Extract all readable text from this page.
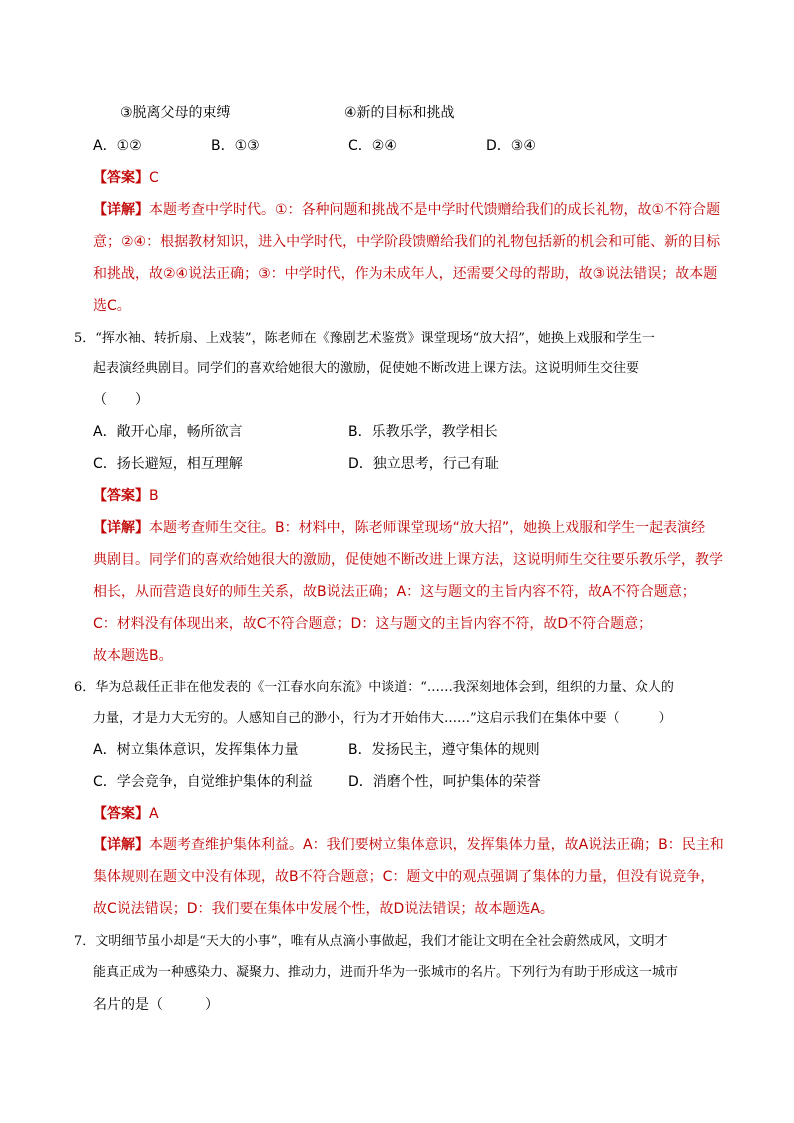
③脱离父母的束缚	④新的目标和挑战
A．①②	B．①③	C．②④	D．③④
【答案】C
【详解】本题考查中学时代。①：各种问题和挑战不是中学时代馈赠给我们的成长礼物，故①不符合题
意；②④：根据教材知识，进入中学时代，中学阶段馈赠给我们的礼物包括新的机会和可能、新的目标
和挑战，故②④说法正确；③：中学时代，作为未成年人，还需要父母的帮助，故③说法错误；故本题
选C。
5．“挥水袖、转折扇、上戏装”，陈老师在《豫剧艺术鉴赏》课堂现场“放大招”，她换上戏服和学生一
起表演经典剧目。同学们的喜欢给她很大的激励，促使她不断改进上课方法。这说明师生交往要
（　　）
A．敞开心扉，畅所欲言	B．乐教乐学，教学相长
C．扬长避短，相互理解	D．独立思考，行己有耻
【答案】B
【详解】本题考查师生交往。B：材料中，陈老师课堂现场“放大招”，她换上戏服和学生一起表演经
典剧目。同学们的喜欢给她很大的激励，促使她不断改进上课方法，这说明师生交往要乐教乐学，教学
相长，从而营造良好的师生关系，故B说法正确；A：这与题文的主旨内容不符，故A不符合题意；
C：材料没有体现出来，故C不符合题意；D：这与题文的主旨内容不符，故D不符合题意；
故本题选B。
6．华为总裁任正非在他发表的《一江春水向东流》中谈道：“……我深刻地体会到，组织的力量、众人的
力量，才是力大无穷的。人感知自己的渺小，行为才开始伟大……”这启示我们在集体中要（　　　）
A．树立集体意识，发挥集体力量	B．发扬民主，遵守集体的规则
C．学会竞争，自觉维护集体的利益	D．消磨个性，呵护集体的荣誉
【答案】A
【详解】本题考查维护集体利益。A：我们要树立集体意识，发挥集体力量，故A说法正确；B：民主和
集体规则在题文中没有体现，故B不符合题意；C：题文中的观点强调了集体的力量，但没有说竞争，
故C说法错误；D：我们要在集体中发展个性，故D说法错误；故本题选A。
7．文明细节虽小却是“天大的小事”，唯有从点滴小事做起，我们才能让文明在全社会蔚然成风，文明才
能真正成为一种感染力、凝聚力、推动力，进而升华为一张城市的名片。下列行为有助于形成这一城市
名片的是（　　　）
